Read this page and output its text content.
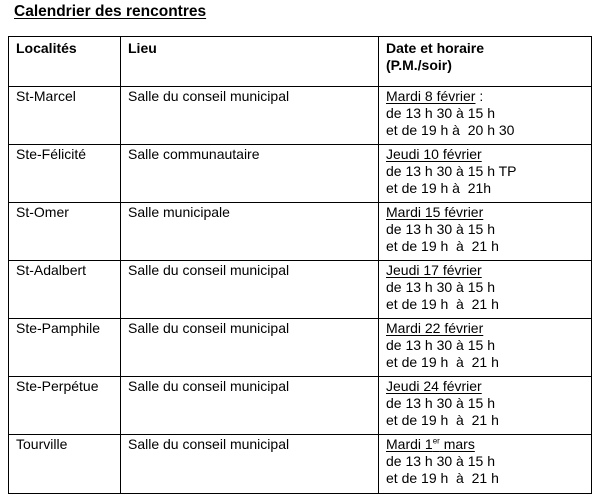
Calendrier des rencontres
Localités	Lieu	Date et horaire
(P.M./soir)

St-Marcel	Salle du conseil municipal	Mardi 8 février :
de 13 h 30 à 15 h
et de 19 h à  20 h 30

Ste-Félicité	Salle communautaire	Jeudi 10 février
de 13 h 30 à 15 h TP
et de 19 h à  21h

St-Omer	Salle municipale	Mardi 15 février
de 13 h 30 à 15 h
et de 19 h  à  21 h

St-Adalbert	Salle du conseil municipal	Jeudi 17 février
de 13 h 30 à 15 h
et de 19 h  à  21 h

Ste-Pamphile	Salle du conseil municipal	Mardi 22 février
de 13 h 30 à 15 h
et de 19 h  à  21 h

Ste-Perpétue	Salle du conseil municipal	Jeudi 24 février
de 13 h 30 à 15 h
et de 19 h  à  21 h

Tourville	Salle du conseil municipal	Mardi 1er mars
de 13 h 30 à 15 h
et de 19 h  à  21 h
